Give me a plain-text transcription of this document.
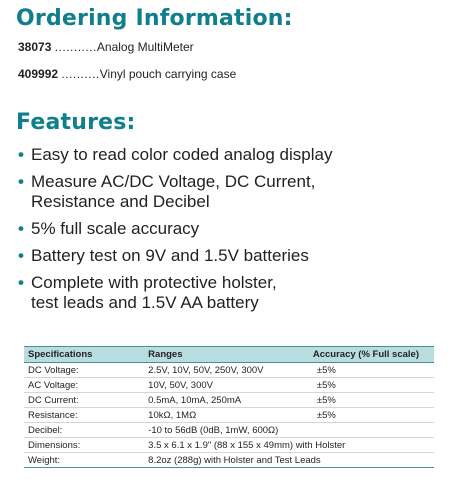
Ordering Information:
38073 ...........Analog MultiMeter
409992 ..........Vinyl pouch carrying case
Features:
• Easy to read color coded analog display
• Measure AC/DC Voltage, DC Current,
Resistance and Decibel
• 5% full scale accuracy
• Battery test on 9V and 1.5V batteries
• Complete with protective holster,
test leads and 1.5V AA battery
Specifications	Ranges	Accuracy (% Full scale)
DC Voltage:	2.5V, 10V, 50V, 250V, 300V	±5%
AC Voltage:	10V, 50V, 300V	±5%
DC Current:	0.5mA, 10mA, 250mA	±5%
Resistance:	10kΩ, 1MΩ	±5%
Decibel:	-10 to 56dB (0dB, 1mW, 600Ω)	
Dimensions:	3.5 x 6.1 x 1.9" (88 x 155 x 49mm) with Holster	
Weight:	8.2oz (288g) with Holster and Test Leads	
